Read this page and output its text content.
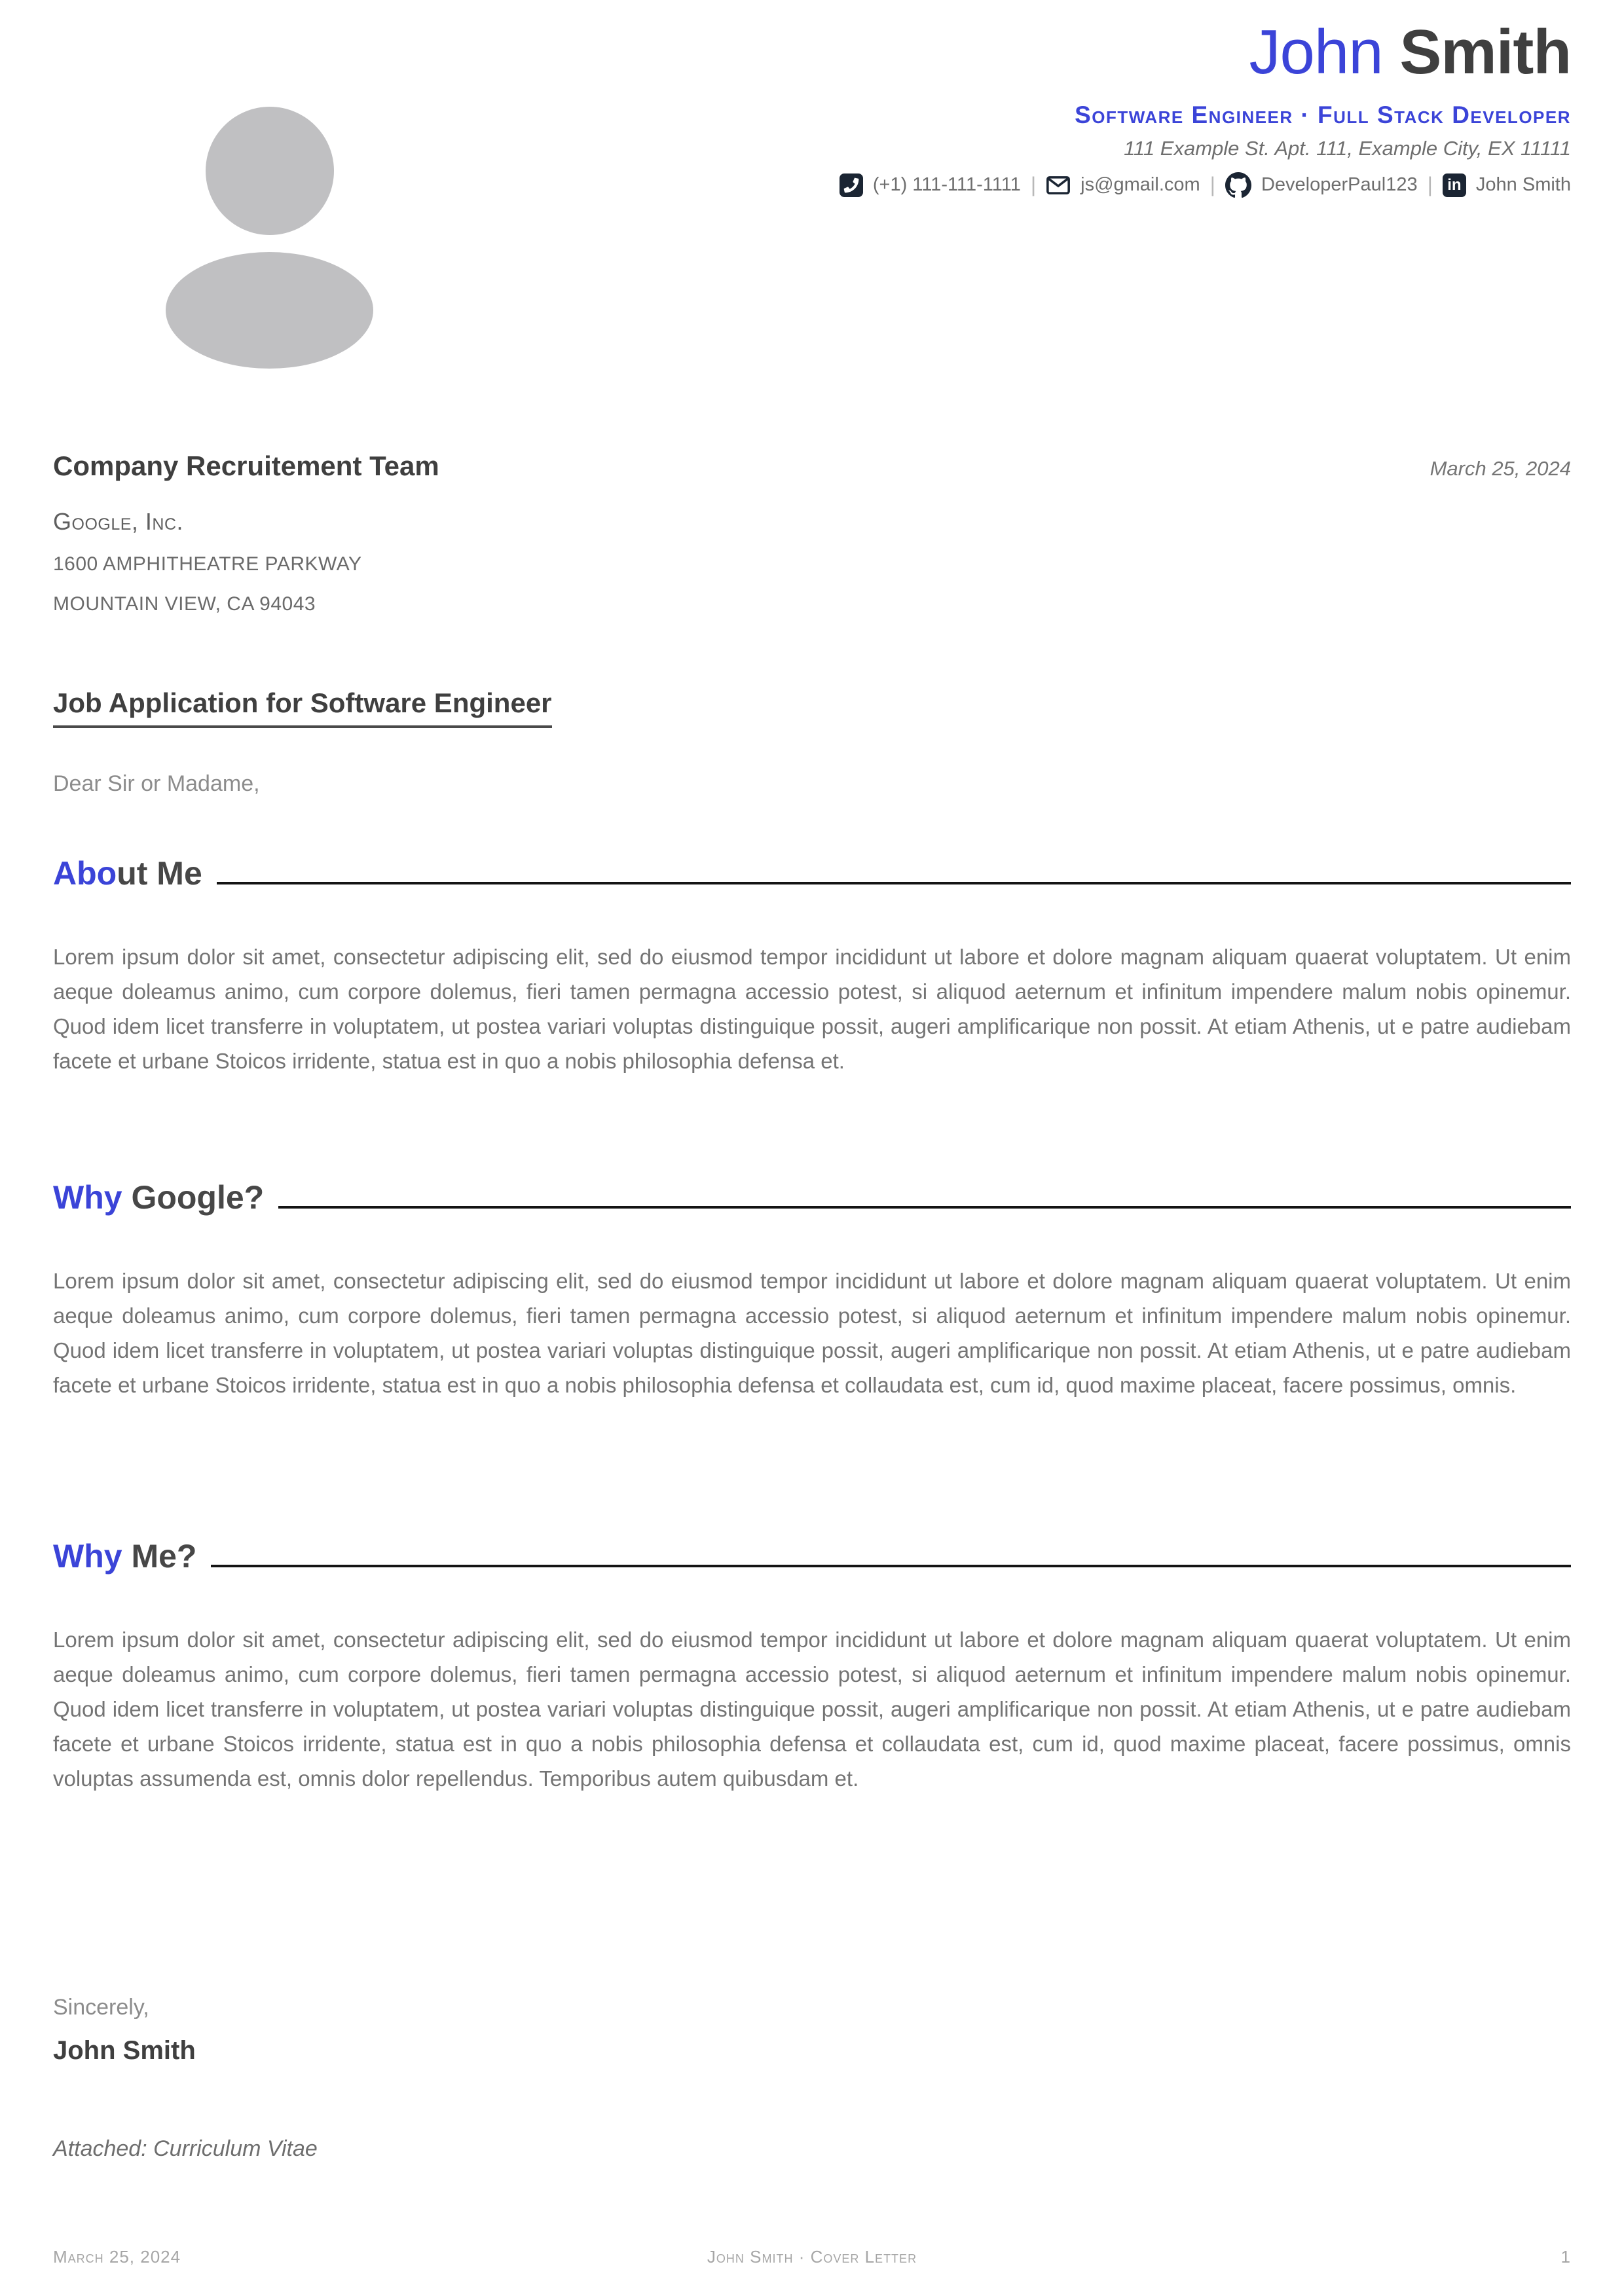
John Smith
Software Engineer · Full Stack Developer
111 Example St. Apt. 111, Example City, EX 11111
(+1) 111-111-1111 | js@gmail.com | DeveloperPaul123 | in John Smith
Company Recruitement Team	March 25, 2024
Google, Inc.
1600 AMPHITHEATRE PARKWAY
MOUNTAIN VIEW, CA 94043
Job Application for Software Engineer
Dear Sir or Madame,
About Me
Lorem ipsum dolor sit amet, consectetur adipiscing elit, sed do eiusmod tempor incididunt ut labore et dolore magnam aliquam quaerat voluptatem. Ut enim aeque doleamus animo, cum corpore dolemus, fieri tamen permagna accessio potest, si aliquod aeternum et infinitum impendere malum nobis opinemur. Quod idem licet transferre in voluptatem, ut postea variari voluptas distinguique possit, augeri amplificarique non possit. At etiam Athenis, ut e patre audiebam facete et urbane Stoicos irridente, statua est in quo a nobis philosophia defensa et.
Why Google?
Lorem ipsum dolor sit amet, consectetur adipiscing elit, sed do eiusmod tempor incididunt ut labore et dolore magnam aliquam quaerat voluptatem. Ut enim aeque doleamus animo, cum corpore dolemus, fieri tamen permagna accessio potest, si aliquod aeternum et infinitum impendere malum nobis opinemur. Quod idem licet transferre in voluptatem, ut postea variari voluptas distinguique possit, augeri amplificarique non possit. At etiam Athenis, ut e patre audiebam facete et urbane Stoicos irridente, statua est in quo a nobis philosophia defensa et collaudata est, cum id, quod maxime placeat, facere possimus, omnis.
Why Me?
Lorem ipsum dolor sit amet, consectetur adipiscing elit, sed do eiusmod tempor incididunt ut labore et dolore magnam aliquam quaerat voluptatem. Ut enim aeque doleamus animo, cum corpore dolemus, fieri tamen permagna accessio potest, si aliquod aeternum et infinitum impendere malum nobis opinemur. Quod idem licet transferre in voluptatem, ut postea variari voluptas distinguique possit, augeri amplificarique non possit. At etiam Athenis, ut e patre audiebam facete et urbane Stoicos irridente, statua est in quo a nobis philosophia defensa et collaudata est, cum id, quod maxime placeat, facere possimus, omnis voluptas assumenda est, omnis dolor repellendus. Temporibus autem quibusdam et.
Sincerely,
John Smith
Attached: Curriculum Vitae
March 25, 2024	John Smith · Cover Letter	1
